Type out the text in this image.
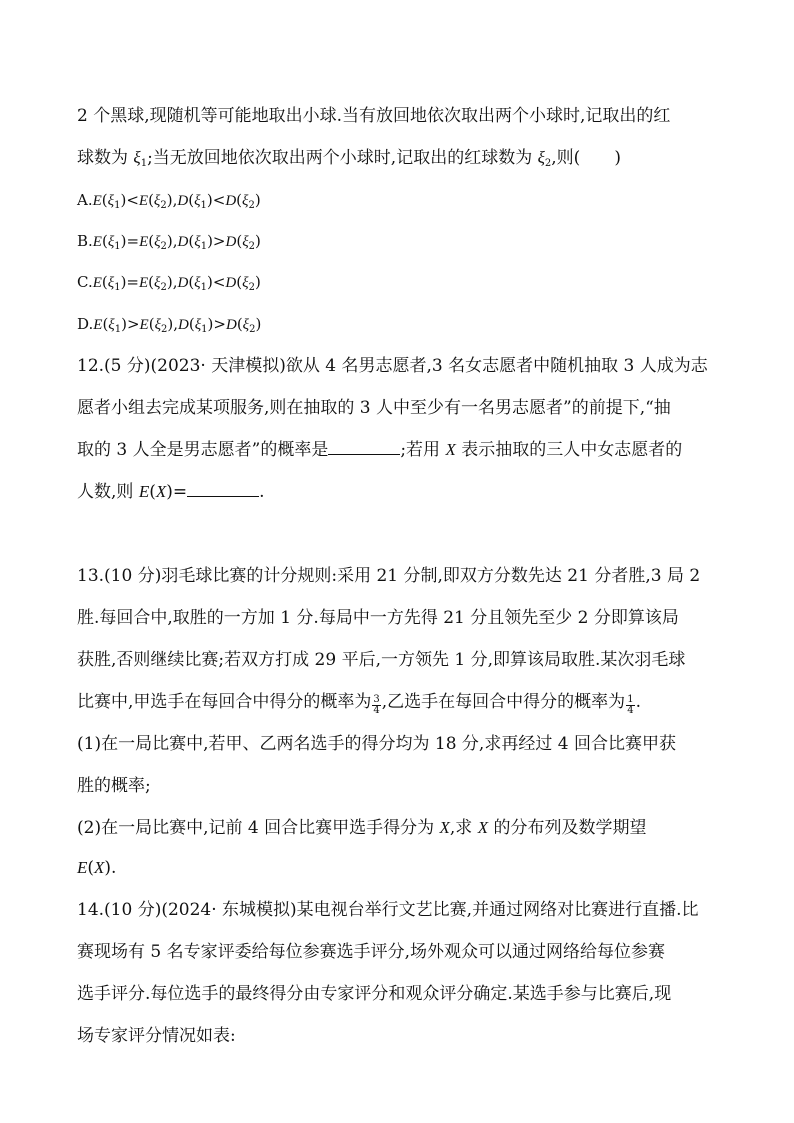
2 个黑球,现随机等可能地取出小球.当有放回地依次取出两个小球时,记取出的红
球数为 $\xi_1$;当无放回地依次取出两个小球时,记取出的红球数为 $\xi_2$,则( )
$A.E(\xi_1)<E(\xi_2),D(\xi_1)<D(\xi_2)$
$B.E(\xi_1)=E(\xi_2),D(\xi_1)>D(\xi_2)$
$C.E(\xi_1)=E(\xi_2),D(\xi_1)<D(\xi_2)$
$D.E(\xi_1)>E(\xi_2),D(\xi_1)>D(\xi_2)$
12.(5 分)(2023· 天津模拟)欲从 4 名男志愿者,3 名女志愿者中随机抽取 3 人成为志
愿者小组去完成某项服务,则在抽取的 3 人中至少有一名男志愿者”的前提下,“抽
取的 3 人全是男志愿者”的概率是	;若用 X 表示抽取的三人中女志愿者的
人数,则 E(X)=	.
13.(10 分)羽毛球比赛的计分规则:采用 21 分制,即双方分数先达 21 分者胜,3 局 2
胜.每回合中,取胜的一方加 1 分.每局中一方先得 21 分且领先至少 2 分即算该局
获胜,否则继续比赛;若双方打成 29 平后,一方领先 1 分,即算该局取胜.某次羽毛球
比赛中,甲选手在每回合中得分的概率为 $\frac{3}{4}$ ,乙选手在每回合中得分的概率为 $\frac{1}{4}$ .
(1)在一局比赛中,若甲、乙两名选手的得分均为 18 分,求再经过 4 回合比赛甲获
胜的概率;
(2)在一局比赛中,记前 4 回合比赛甲选手得分为 X,求 X 的分布列及数学期望
E(X).
14.(10 分)(2024· 东城模拟)某电视台举行文艺比赛,并通过网络对比赛进行直播.比
赛现场有 5 名专家评委给每位参赛选手评分,场外观众可以通过网络给每位参赛
选手评分.每位选手的最终得分由专家评分和观众评分确定.某选手参与比赛后,现
场专家评分情况如表:
